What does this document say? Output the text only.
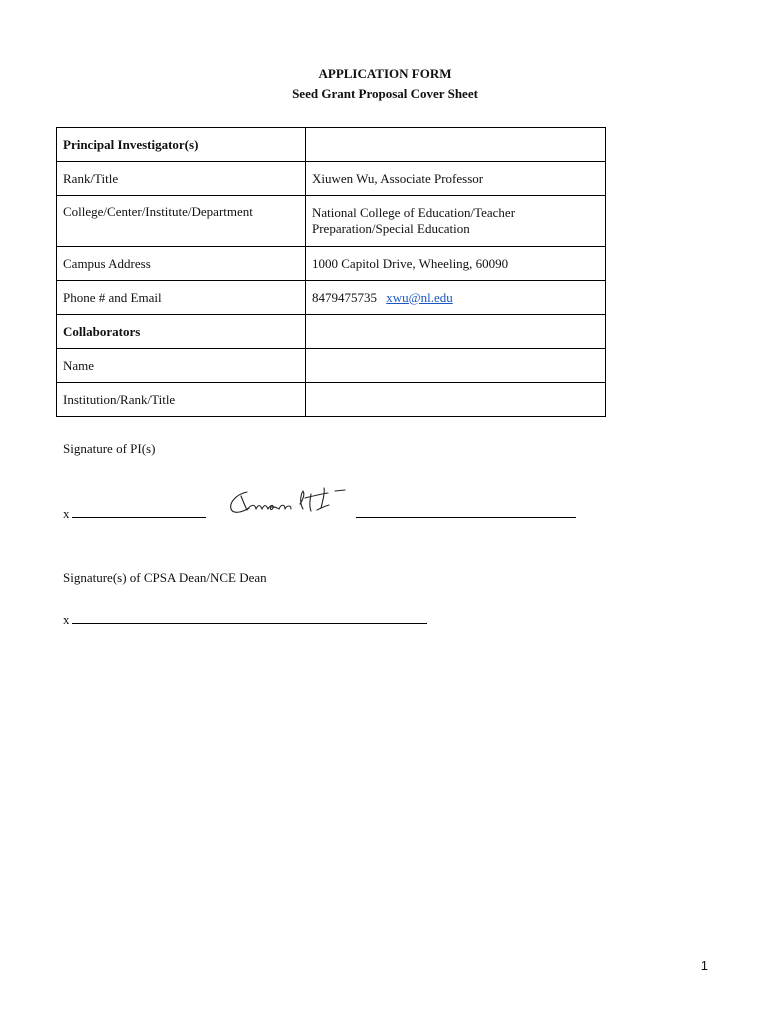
APPLICATION FORM
Seed Grant Proposal Cover Sheet
Principal Investigator(s)	
Rank/Title	Xiuwen Wu, Associate Professor
College/Center/Institute/Department	National College of Education/Teacher
Preparation/Special Education

Campus Address	1000 Capitol Drive, Wheeling, 60090
Phone # and Email	8479475735 xwu@nl.edu
Collaborators	
Name	
Institution/Rank/Title	
Signature of PI(s)
x
Signature(s) of CPSA Dean/NCE Dean
x
1
